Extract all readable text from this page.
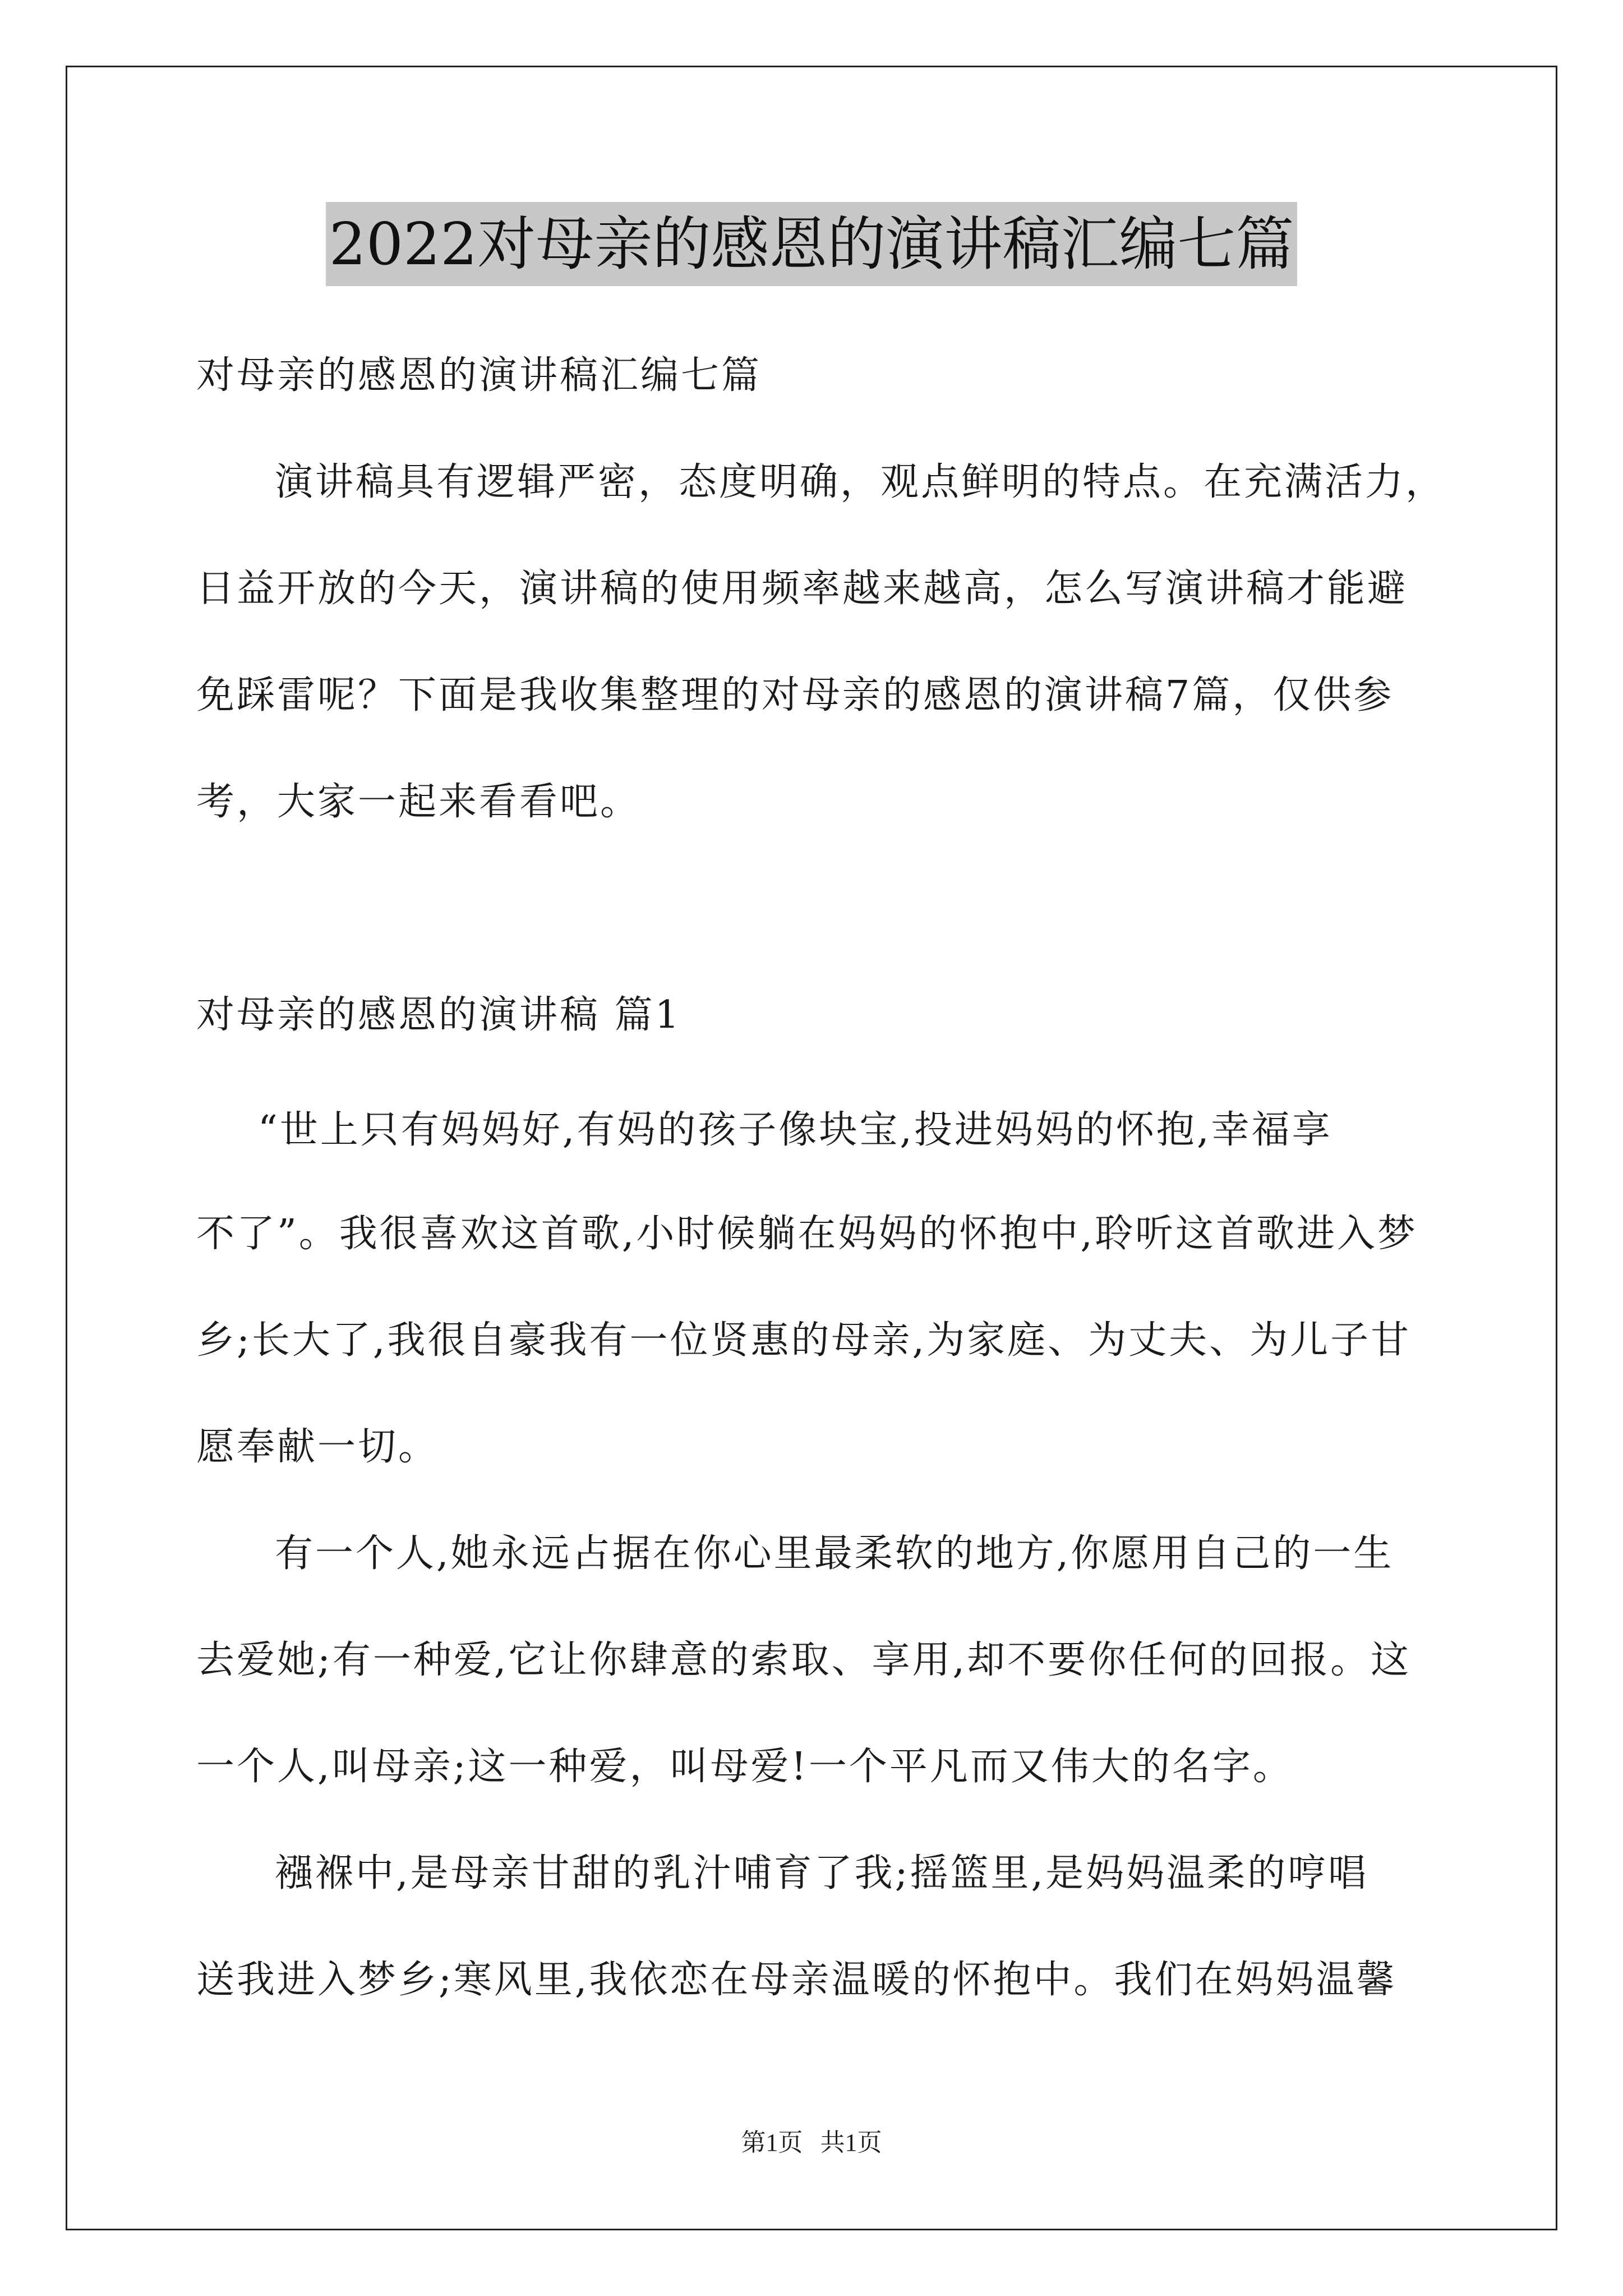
2022对母亲的感恩的演讲稿汇编七篇
对母亲的感恩的演讲稿汇编七篇
演讲稿具有逻辑严密，态度明确，观点鲜明的特点。在充满活力，
日益开放的今天，演讲稿的使用频率越来越高，怎么写演讲稿才能避
免踩雷呢？下面是我收集整理的对母亲的感恩的演讲稿7篇，仅供参
考，大家一起来看看吧。
对母亲的感恩的演讲稿 篇1
“世上只有妈妈好,有妈的孩子像块宝,投进妈妈的怀抱,幸福享
不了”。我很喜欢这首歌,小时候躺在妈妈的怀抱中,聆听这首歌进入梦
乡;长大了,我很自豪我有一位贤惠的母亲,为家庭、为丈夫、为儿子甘
愿奉献一切。
有一个人,她永远占据在你心里最柔软的地方,你愿用自己的一生
去爱她;有一种爱,它让你肆意的索取、享用,却不要你任何的回报。这
一个人,叫母亲;这一种爱，叫母爱!一个平凡而又伟大的名字。
襁褓中,是母亲甘甜的乳汁哺育了我;摇篮里,是妈妈温柔的哼唱
送我进入梦乡;寒风里,我依恋在母亲温暖的怀抱中。我们在妈妈温馨
第1页 共1页
